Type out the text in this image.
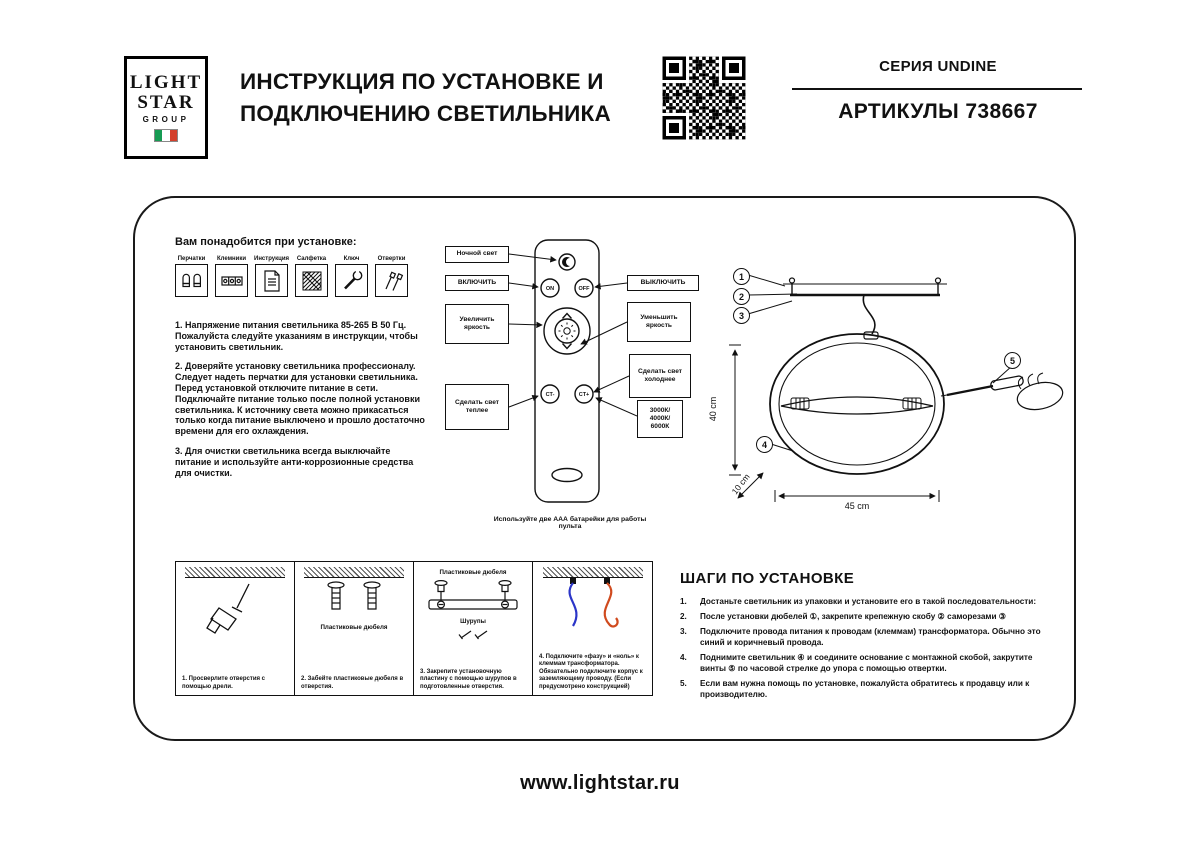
LIGHT
STAR
GROUP
ИНСТРУКЦИЯ ПО УСТАНОВКЕ И ПОДКЛЮЧЕНИЮ СВЕТИЛЬНИКА
СЕРИЯ UNDINE
АРТИКУЛЫ 738667
ON	OFF
CT-	CT+
Вам понадобится при установке:
Перчатки Клемники Инструкция Салфетка	Ключ	Отвертки

1. Напряжение питания светильника 85-265 В 50 Гц. Пожалуйста следуйте указаниям в инструкции, чтобы установить светильник.

2. Доверяйте установку светильника профессионалу. Следует надеть перчатки для установки светильника. Перед установкой отключите питание в сети. Подключайте питание только после полной установки светильника. К источнику света можно прикасаться только когда питание выключено и прошло достаточно времени для его охлаждения.

3. Для очистки светильника всегда выключайте питание и используйте анти-коррозионные средства для очистки.

Ночной свет
ВКЛЮЧИТЬ
Увеличить яркость
Сделать свет теплее
ВЫКЛЮЧИТЬ
Уменьшить яркость
Сделать свет холоднее
3000К/ 4000К/ 6000К
Используйте две ААА батарейки для работы пульта
1
2
3
4
5
40 cm
10 cm
45 cm
1. Просверлите отверстия с помощью дрели.
Пластиковые дюбеля
2. Забейте пластиковые дюбеля в отверстия.
Пластиковые дюбеля
Шурупы
3. Закрепите установочную пластину с помощью шурупов в подготовленные отверстия.
4. Подключите «фазу» и «ноль» к клеммам трансформатора. Обязательно подключите корпус к заземляющему проводу. (Если предусмотрено конструкцией)
ШАГИ ПО УСТАНОВКЕ
1.	Достаньте светильник из упаковки и установите его в такой последовательности:
2.	После установки дюбелей ①, закрепите крепежную скобу ② саморезами ③
3.	Подключите провода питания к проводам (клеммам) трансформатора. Обычно это синий и коричневый провода.
4.	Поднимите светильник ④ и соедините основание с монтажной скобой, закрутите винты ⑤ по часовой стрелке до упора с помощью отвертки.
5.	Если вам нужна помощь по установке, пожалуйста обратитесь к продавцу или к производителю.
www.lightstar.ru
